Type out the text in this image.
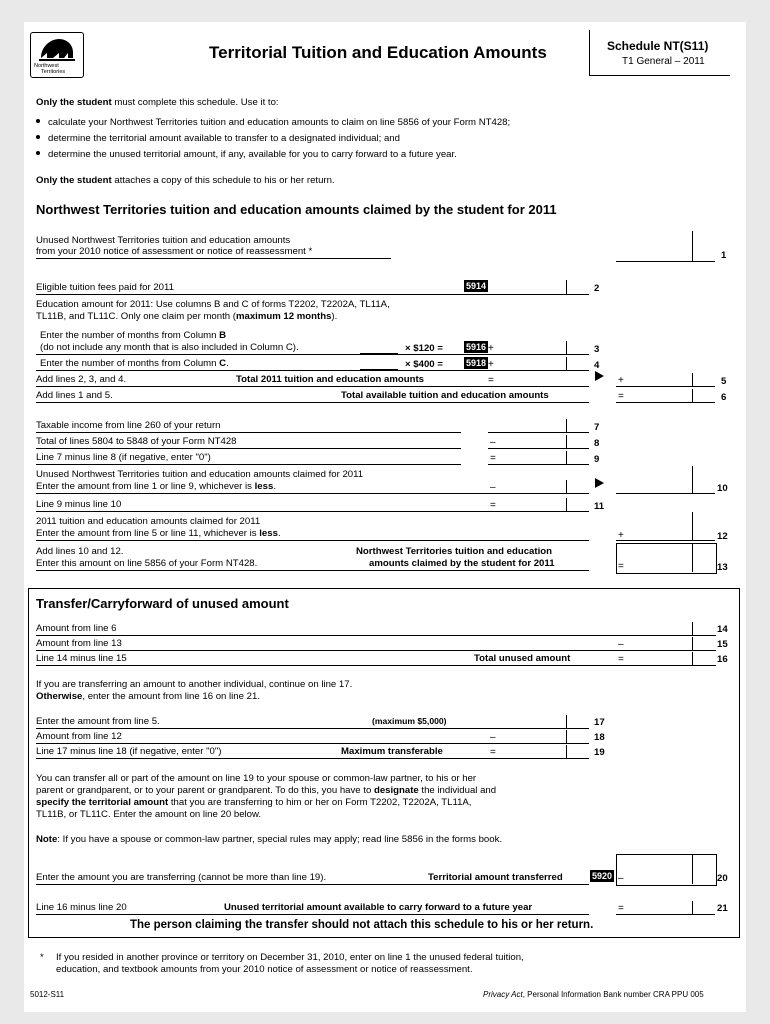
Northwest
Territories
Territorial Tuition and Education Amounts	Schedule NT(S11)
T1 General – 2011
Only the student must complete this schedule. Use it to:
calculate your Northwest Territories tuition and education amounts to claim on line 5856 of your Form NT428;
determine the territorial amount available to transfer to a designated individual; and
determine the unused territorial amount, if any, available for you to carry forward to a future year.
Only the student attaches a copy of this schedule to his or her return.
Northwest Territories tuition and education amounts claimed by the student for 2011
Unused Northwest Territories tuition and education amounts
from your 2010 notice of assessment or notice of reassessment *	1
Eligible tuition fees paid for 2011	5914	2
Education amount for 2011: Use columns B and C of forms T2202, T2202A, TL11A,
TL11B, and TL11C. Only one claim per month (maximum 12 months).
Enter the number of months from Column B
(do not include any month that is also included in Column C).	× $120 =	5916 +	3
Enter the number of months from Column C.	× $400 =	5918 +	4
Add lines 2, 3, and 4.	Total 2011 tuition and education amounts	=	+	5
Add lines 1 and 5.	Total available tuition and education amounts	=	6
Taxable income from line 260 of your return	7
Total of lines 5804 to 5848 of your Form NT428	–	8
Line 7 minus line 8 (if negative, enter "0")	=	9
Unused Northwest Territories tuition and education amounts claimed for 2011
Enter the amount from line 1 or line 9, whichever is less.	–	10
Line 9 minus line 10	=	11
2011 tuition and education amounts claimed for 2011
Enter the amount from line 5 or line 11, whichever is less.	+	12
Add lines 10 and 12.
Enter this amount on line 5856 of your Form NT428.
Northwest Territories tuition and education
amounts claimed by the student for 2011	=	13
Transfer/Carryforward of unused amount
Amount from line 6	14
Amount from line 13	–	15
Line 14 minus line 15	Total unused amount	=	16
If you are transferring an amount to another individual, continue on line 17.
Otherwise, enter the amount from line 16 on line 21.
Enter the amount from line 5.	(maximum $5,000)	17
Amount from line 12	–	18
Line 17 minus line 18 (if negative, enter "0")	Maximum transferable	=	19
You can transfer all or part of the amount on line 19 to your spouse or common-law partner, to his or her
parent or grandparent, or to your parent or grandparent. To do this, you have to designate the individual and
specify the territorial amount that you are transferring to him or her on Form T2202, T2202A, TL11A,
TL11B, or TL11C. Enter the amount on line 20 below.
Note: If you have a spouse or common-law partner, special rules may apply; read line 5856 in the forms book.
Enter the amount you are transferring (cannot be more than line 19).	Territorial amount transferred	5920 –	20
Line 16 minus line 20	Unused territorial amount available to carry forward to a future year	=	21
The person claiming the transfer should not attach this schedule to his or her return.
* If you resided in another province or territory on December 31, 2010, enter on line 1 the unused federal tuition,
education, and textbook amounts from your 2010 notice of assessment or notice of reassessment.
5012-S11	Privacy Act, Personal Information Bank number CRA PPU 005
